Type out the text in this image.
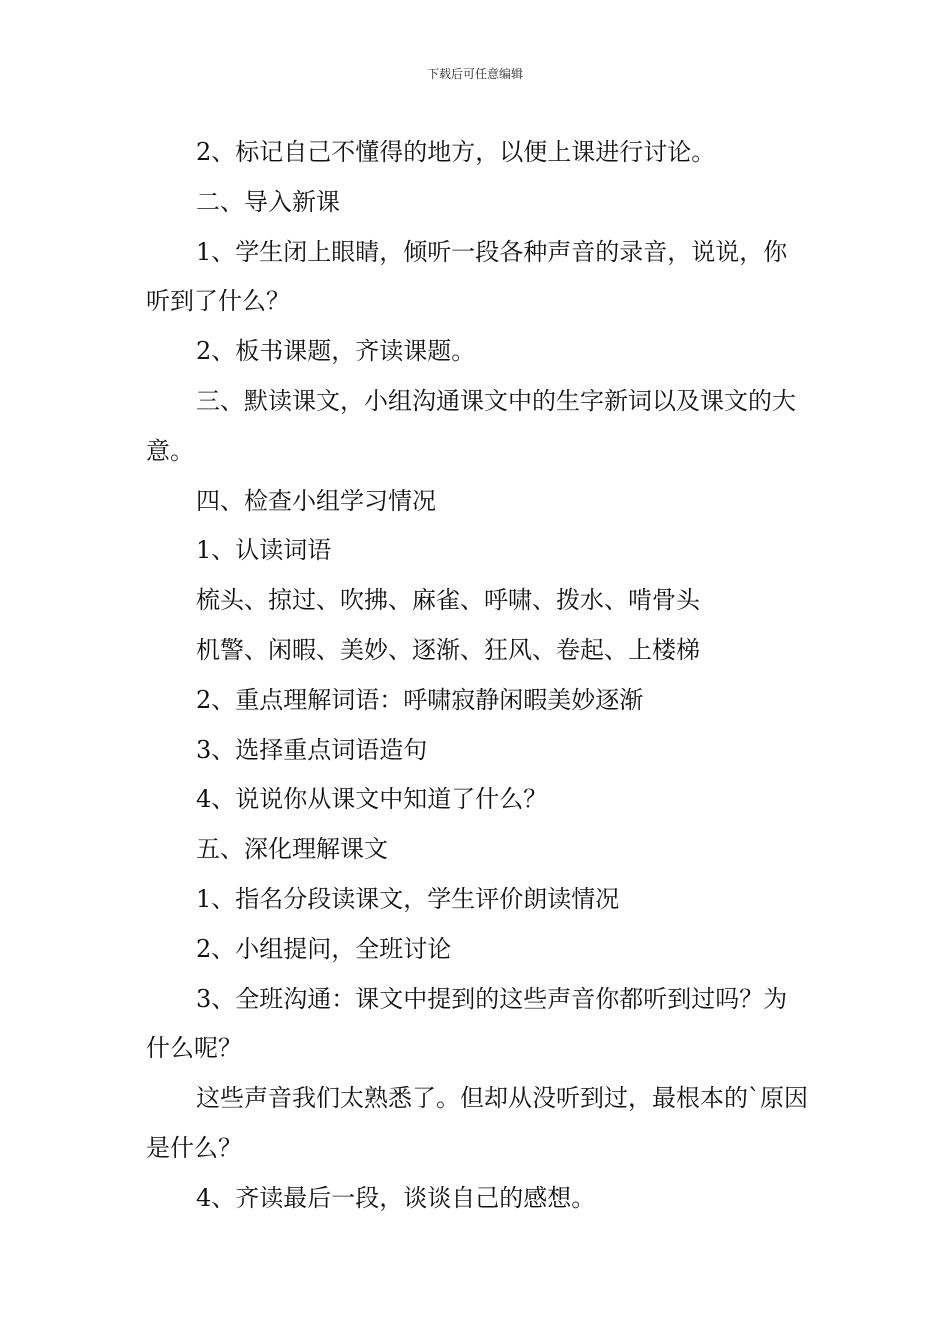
下载后可任意编辑

2、标记自己不懂得的地方，以便上课进行讨论。

二、导入新课

1、学生闭上眼睛，倾听一段各种声音的录音，说说，你听到了什么？

2、板书课题，齐读课题。

三、默读课文，小组沟通课文中的生字新词以及课文的大意。

四、检查小组学习情况

1、认读词语

梳头、掠过、吹拂、麻雀、呼啸、拨水、啃骨头

机警、闲暇、美妙、逐渐、狂风、卷起、上楼梯

2、重点理解词语：呼啸寂静闲暇美妙逐渐

3、选择重点词语造句

4、说说你从课文中知道了什么？

五、深化理解课文

1、指名分段读课文，学生评价朗读情况

2、小组提问，全班讨论

3、全班沟通：课文中提到的这些声音你都听到过吗？为什么呢？

这些声音我们太熟悉了。但却从没听到过，最根本的`原因是什么？

4、齐读最后一段，谈谈自己的感想。
